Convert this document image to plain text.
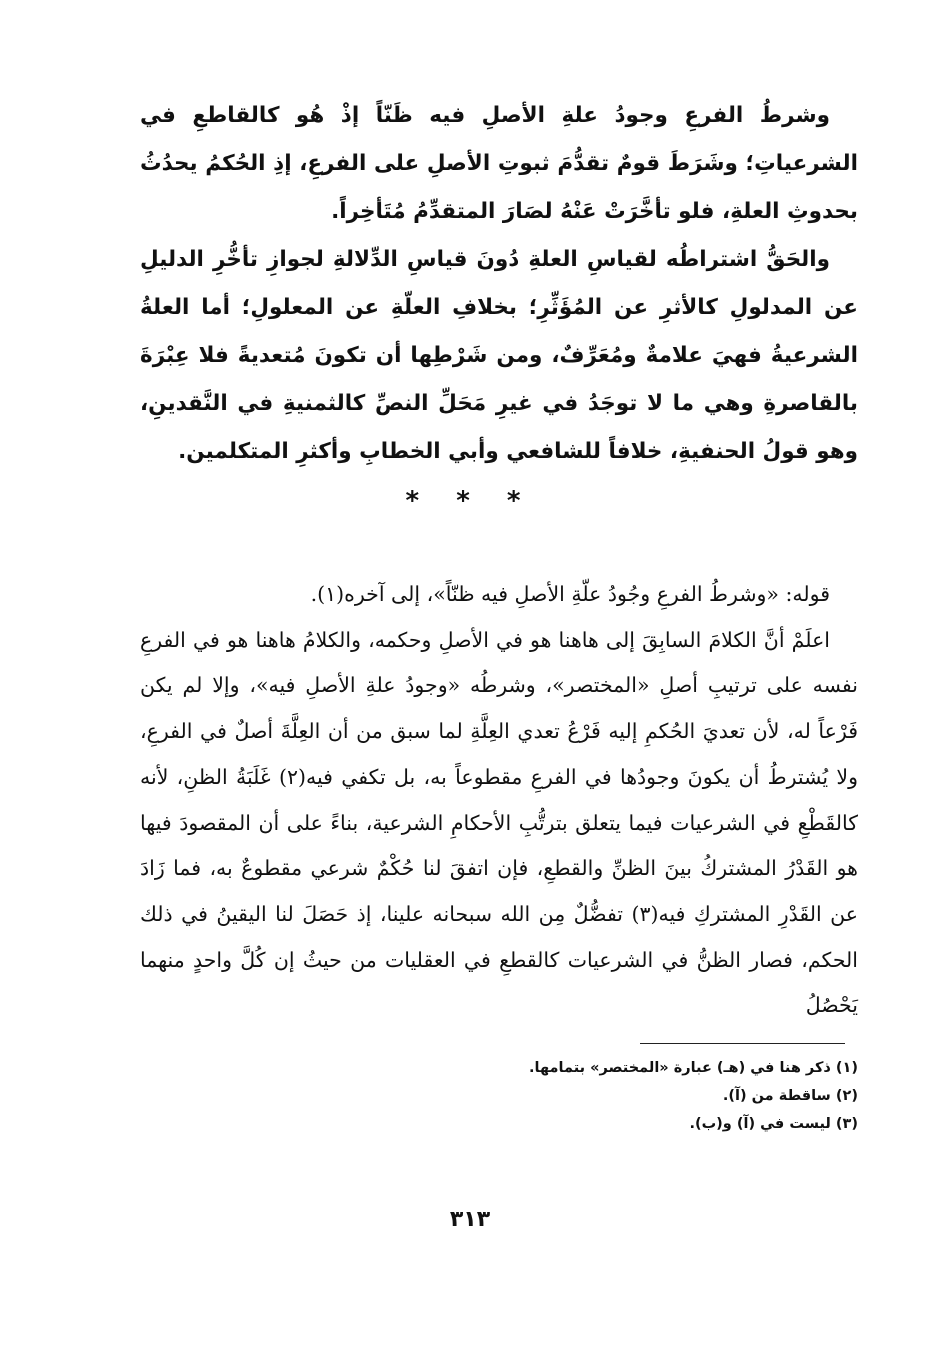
وشرطُ الفرعِ وجودُ علةِ الأصلِ فيه ظَنّاً إذْ هُو كالقاطعِ في الشرعياتِ؛ وشَرَطَ قومٌ تقدُّمَ ثبوتِ الأصلِ على الفرعِ، إذِ الحُكمُ يحدُثُ بحدوثِ العلةِ، فلو تأخَّرَتْ عَنْهُ لصَارَ المتقدِّمُ مُتَأخِراً.

والحَقُّ اشتراطُه لقياسِ العلةِ دُونَ قياسِ الدِّلالةِ لجوازِ تأخُّرِ الدليلِ عن المدلولِ كالأثرِ عن المُؤَثِّرِ؛ بخلافِ العلّةِ عن المعلولِ؛ أما العلةُ الشرعيةُ فهيَ علامةٌ ومُعَرِّفٌ، ومن شَرْطِها أن تكونَ مُتعديةً فلا عِبْرَةَ بالقاصرةِ وهي ما لا توجَدُ في غيرِ مَحَلِّ النصِّ كالثمنيةِ في النَّقدينِ، وهو قولُ الحنفيةِ، خلافاً للشافعي وأبي الخطابِ وأكثرِ المتكلمين.

* * *

قوله: «وشرطُ الفرعِ وجُودُ علّةِ الأصلِ فيه ظنّاً»، إلى آخره(١).

اعلَمْ أنَّ الكلامَ السابِقَ إلى هاهنا هو في الأصلِ وحكمه، والكلامُ هاهنا هو في الفرعِ نفسه على ترتيبِ أصلِ «المختصر»، وشرطُه «وجودُ علةِ الأصلِ فيه»، وإلا لم يكن فَرْعاً له، لأن تعديَ الحُكمِ إليه فَرْعُ تعدي العِلَّةِ لما سبق من أن العِلَّةَ أصلٌ في الفرعِ، ولا يُشترطُ أن يكونَ وجودُها في الفرعِ مقطوعاً به، بل تكفي فيه(٢) غَلَبَةُ الظنِ، لأنه كالقَطْعِ في الشرعيات فيما يتعلق بترتُّبِ الأحكامِ الشرعية، بناءً على أن المقصودَ فيها هو القَدْرُ المشتركُ بينَ الظنِّ والقطعِ، فإن اتفقَ لنا حُكْمٌ شرعي مقطوعٌ به، فما زَادَ عن القَدْرِ المشتركِ فيه(٣) تفضُّلٌ مِن الله سبحانه علينا، إذ حَصَلَ لنا اليقينُ في ذلك الحكم، فصار الظنُّ في الشرعيات كالقطعِ في العقليات من حيثُ إن كُلَّ واحدٍ منهما يَحْصُلُ

(١) ذكر هنا في (هـ) عبارة «المختصر» بتمامها.
(٢) ساقطة من (آ).
(٣) ليست في (آ) و(ب).
٣١٣
